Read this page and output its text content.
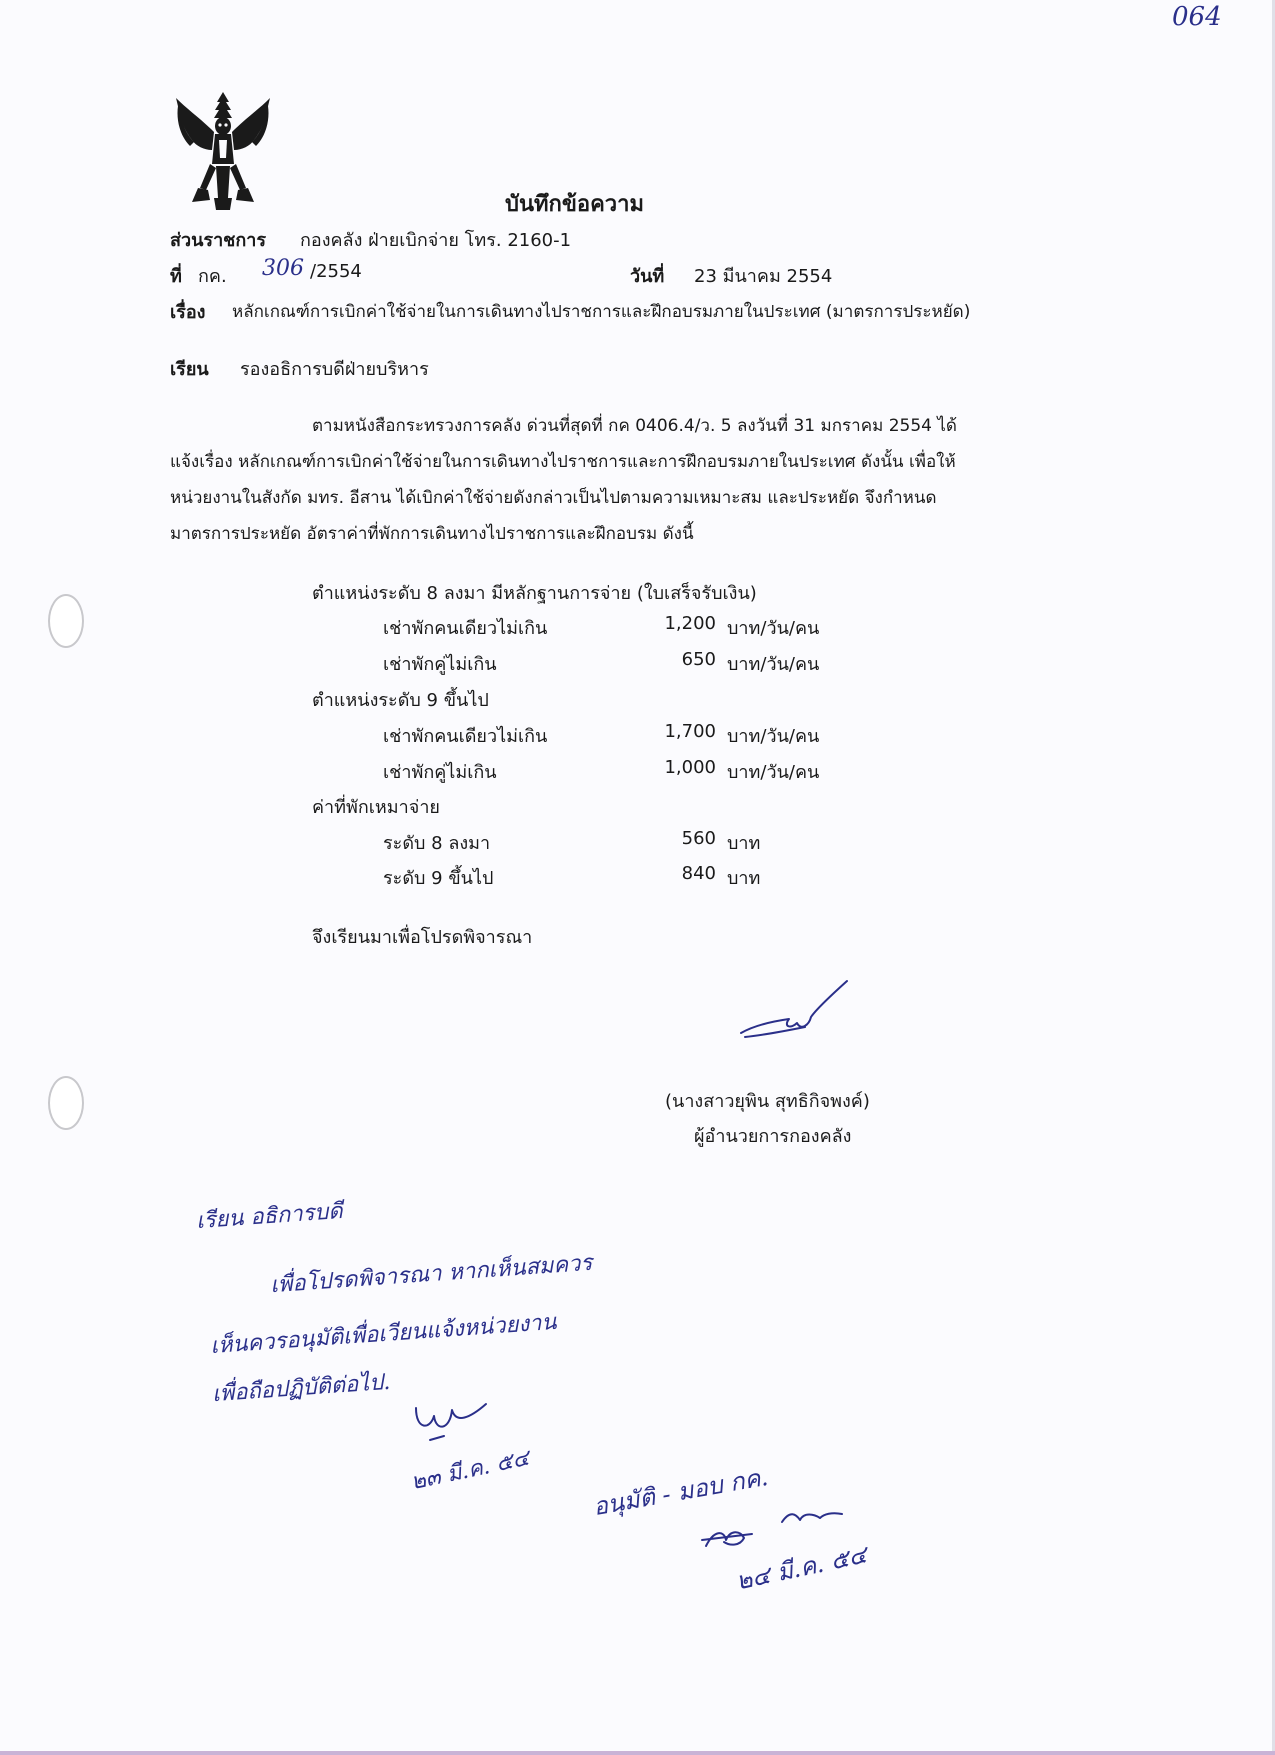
064
บันทึกข้อความ
ส่วนราชการ กองคลัง ฝ่ายเบิกจ่าย โทร. 2160-1
ที่ กค. 306 /2554	วันที่ 23 มีนาคม 2554
เรื่อง หลักเกณฑ์การเบิกค่าใช้จ่ายในการเดินทางไปราชการและฝึกอบรมภายในประเทศ (มาตรการประหยัด)
เรียน รองอธิการบดีฝ่ายบริหาร
ตามหนังสือกระทรวงการคลัง ด่วนที่สุดที่ กค 0406.4/ว. 5 ลงวันที่ 31 มกราคม 2554 ได้
แจ้งเรื่อง หลักเกณฑ์การเบิกค่าใช้จ่ายในการเดินทางไปราชการและการฝึกอบรมภายในประเทศ ดังนั้น เพื่อให้
หน่วยงานในสังกัด มทร. อีสาน ได้เบิกค่าใช้จ่ายดังกล่าวเป็นไปตามความเหมาะสม และประหยัด จึงกำหนด
มาตรการประหยัด อัตราค่าที่พักการเดินทางไปราชการและฝึกอบรม ดังนี้
ตำแหน่งระดับ 8 ลงมา มีหลักฐานการจ่าย (ใบเสร็จรับเงิน)
เช่าพักคนเดียวไม่เกิน	1,200 บาท/วัน/คน
เช่าพักคู่ไม่เกิน	650 บาท/วัน/คน
ตำแหน่งระดับ 9 ขึ้นไป
เช่าพักคนเดียวไม่เกิน	1,700 บาท/วัน/คน
เช่าพักคู่ไม่เกิน	1,000 บาท/วัน/คน
ค่าที่พักเหมาจ่าย
ระดับ 8 ลงมา	560 บาท
ระดับ 9 ขึ้นไป	840 บาท
จึงเรียนมาเพื่อโปรดพิจารณา
(นางสาวยุพิน สุทธิกิจพงค์)
ผู้อำนวยการกองคลัง
เรียน อธิการบดี
เพื่อโปรดพิจารณา หากเห็นสมควร
เห็นควรอนุมัติเพื่อเวียนแจ้งหน่วยงาน
เพื่อถือปฏิบัติต่อไป.
๒๓ มี.ค. ๕๔ อนุมัติ - มอบ กค.
๒๔ มี.ค. ๕๔
